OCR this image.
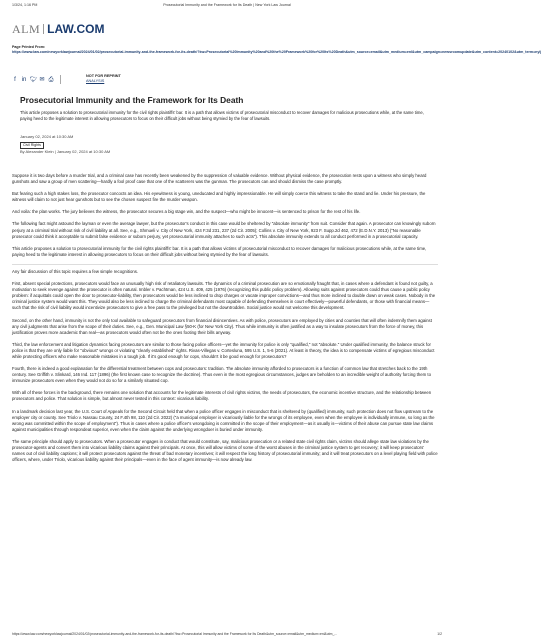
1/3/24, 1:16 PM	Prosecutorial Immunity and the Framework for Its Death | New York Law Journal
ALM LAW.COM
Page Printed From:
https://www.law.com/newyorklawjournal/2024/01/02/prosecutorial-immunity-and-the-framework-for-its-death/?kw=Prosecutorial%20Immunity%20and%20the%20Framework%20for%20Its%20Death&utm_source=email&utm_medium=enl&utm_campaign=newsroomupdate&utm_content=20240102&utm_term=nylj
f in 🐦︎ ✉ ⎙
NOT FOR REPRINT
ANALYSIS
Prosecutorial Immunity and the Framework for Its Death
This article proposes a solution to prosecutorial immunity for the civil rights plaintiffs' bar. It is a path that allows victims of prosecutorial misconduct to recover damages for malicious prosecutions while, at the same time, paying heed to the legitimate interest in allowing prosecutors to focus on their difficult jobs without being stymied by the fear of lawsuits.
January 02, 2024 at 10:30 AM
Civil Rights
By Alexander Klein | January 02, 2024 at 10:30 AM

Suppose it is two days before a murder trial, and a criminal case has recently been weakened by the suppression of valuable evidence. Without physical evidence, the prosecution rests upon a witness who simply heard gunshots and saw a group of men scattering—hardly a fool proof case that one of the scatterers was the gunman. The prosecutors can and should dismiss the case promptly.

But fearing such a high stakes loss, the prosecutor concocts an idea. His eyewitness is young, uneducated and highly impressionable. He will simply coerce this witness to take the stand and lie. Under his pressure, the witness will claim to not just hear gunshots but to see the chosen suspect fire the murder weapon.

And voila: the plan works. The jury believes the witness, the prosecutor secures a big stage win, and the suspect—who might be innocent—is sentenced to prison for the rest of his life.

The following fact might astound the layman or even the average lawyer, but the prosecutor's conduct in this case would be sheltered by "absolute immunity" from suit. Consider that again. A prosecutor can knowingly suborn perjury at a criminal trial without risk of civil liability at all. See, e.g., Shmueli v. City of New York, 424 F.3d 231, 237 (2d Cir. 2005); Collins v. City of New York, 923 F. Supp.2d 462, 472 (E.D.N.Y. 2013) ("No reasonable prosecutor could think it acceptable to submit false evidence or suborn perjury, yet prosecutorial immunity attaches to such acts"). This absolute immunity extends to all conduct performed in a prosecutorial capacity.

This article proposes a solution to prosecutorial immunity for the civil rights plaintiffs' bar. It is a path that allows victims of prosecutorial misconduct to recover damages for malicious prosecutions while, at the same time, paying heed to the legitimate interest in allowing prosecutors to focus on their difficult jobs without being stymied by the fear of lawsuits.

Any fair discussion of this topic requires a few simple recognitions.

First, absent special protections, prosecutors would face an unusually high risk of retaliatory lawsuits. The dynamics of a criminal prosecution are so emotionally fraught that, in cases where a defendant is found not guilty, a motivation to seek revenge against the prosecutor is often natural. Imbler v. Pachtman, 424 U.S. 409, 425 (1976) (recognizing this public policy problem). Allowing suits against prosecutors could thus cause a public policy problem: if acquittals could open the door to prosecutor-liability, then prosecutors would be less inclined to drop charges or vacate improper convictions—and thus more inclined to double down on weak cases. Nobody in the criminal justice system would want this. They would also be less inclined to charge the criminal defendants most capable of defending themselves in court effectively—powerful defendants, or those with financial means—such that the risk of civil liability would incentivize prosecutors to give a free pass to the privileged but not the downtrodden. Social justice would not welcome this development.

Second, on the other hand, immunity is not the only tool available to safeguard prosecutors from financial disincentives. As with police, prosecutors are employed by cities and counties that will often indemnify them against any civil judgments that arise from the scope of their duties. See, e.g., Gen. Municipal Law §50-K (for New York City). Thus while immunity is often justified as a way to insulate prosecutors from the force of money, this justification proves more academic than real—as prosecutors would often not be the ones footing their bills anyway.

Third, the law enforcement and litigation dynamics facing prosecutors are similar to those facing police officers—yet the immunity for police is only "qualified," not "absolute." Under qualified immunity, the balance struck for police is that they are only liable for "obvious" wrongs or violating "clearly established" rights. Rivas-Villegas v. Cortesluna, 595 U.S. 1, 5-6 (2021). At least in theory, the idea is to compensate victims of egregious misconduct while protecting officers who make reasonable mistakes in a tough job. If it's good enough for cops, shouldn't it be good enough for prosecutors?

Fourth, there is indeed a good explanation for the differential treatment between cops and prosecutors: tradition. The absolute immunity afforded to prosecutors is a function of common law that stretches back to the 19th century. See Griffith v. Slinkard, 146 Ind. 117 (1896) (the first known case to recognize the doctrine). Thus even in the most egregious circumstances, judges are beholden to an incredible weight of authority forcing them to immunize prosecutors even when they would not do so for a similarly situated cop.

With all of these forces in the background, there remains one solution that accounts for the legitimate interests of civil rights victims, the needs of prosecutors, the economic incentive structure, and the relationship between prosecutors and police. That solution is simple, but almost never tested in this context: vicarious liability.

In a landmark decision last year, the U.S. Court of Appeals for the Second Circuit held that when a police officer engages in misconduct that is sheltered by (qualified) immunity, such protection does not flow upstream to the employer city or county. See Triolo v. Nassau County, 24 F.4th 98, 110 (2d Cir. 2022) ("a municipal employer is vicariously liable for the wrongs of its employee, even when the employee is individually immune, so long as the wrong was committed within the scope of employment"). Thus in cases where a police officer's wrongdoing is committed in the scope of their employment—as it usually is—victims of their abuse can pursue state law claims against municipalities through respondeat superior, even when the claim against the underlying wrongdoer is buried under immunity.

The same principle should apply to prosecutors. When a prosecutor engages in conduct that would constitute, say, malicious prosecution or a related state civil rights claim, victims should allege state law violations by the prosecutor-agents and convert them into vicarious liability claims against their principals. At once, this will allow victims of some of the worst abuses in the criminal justice system to get recovery; it will keep prosecutors' names out of civil liability captions; it will protect prosecutors against the threat of bad monetary incentives; it will respect the long history of prosecutorial immunity; and it will treat prosecutors on a level playing field with police officers, where, under Triolo, vicarious liability against their principals—even in the face of agent immunity—is now already law.

https://www.law.com/newyorklawjournal/2024/01/02/prosecutorial-immunity-and-the-framework-for-its-death/?kw=Prosecutorial Immunity and the Framework for Its Death&utm_source=email&utm_medium=enl&utm_...	1/2
